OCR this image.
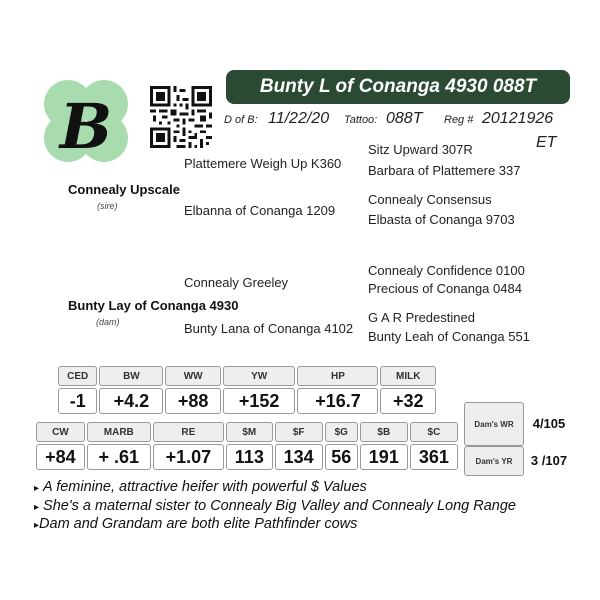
B
Bunty L of Conanga 4930 088T
D of B: 11/22/20 Tattoo: 088T Reg # 20121926
ET
Sitz Upward 307R
Plattemere Weigh Up K360 Barbara of Plattemere 337
Connealy Upscale
(sire)	Connealy Consensus
Elbanna of Conanga 1209
Elbasta of Conanga 9703
Connealy Confidence 0100
Connealy Greeley	Precious of Conanga 0484
Bunty Lay of Conanga 4930
(dam)	G A R Predestined
Bunty Lana of Conanga 4102
Bunty Leah of Conanga 551
CED	BW	WW	YW	HP	MILK
-1	+4.2	+88	+152	+16.7	+32
CW	MARB	RE	$M	$F	$G	$B	$C
+84	+ .61	+1.07	113	134	56	191	361
Dam's WR	4/105
Dam's YR	3 /107
▸ A feminine, attractive heifer with powerful $ Values
▸ She's a maternal sister to Connealy Big Valley and Connealy Long Range
▸Dam and Grandam are both elite Pathfinder cows
